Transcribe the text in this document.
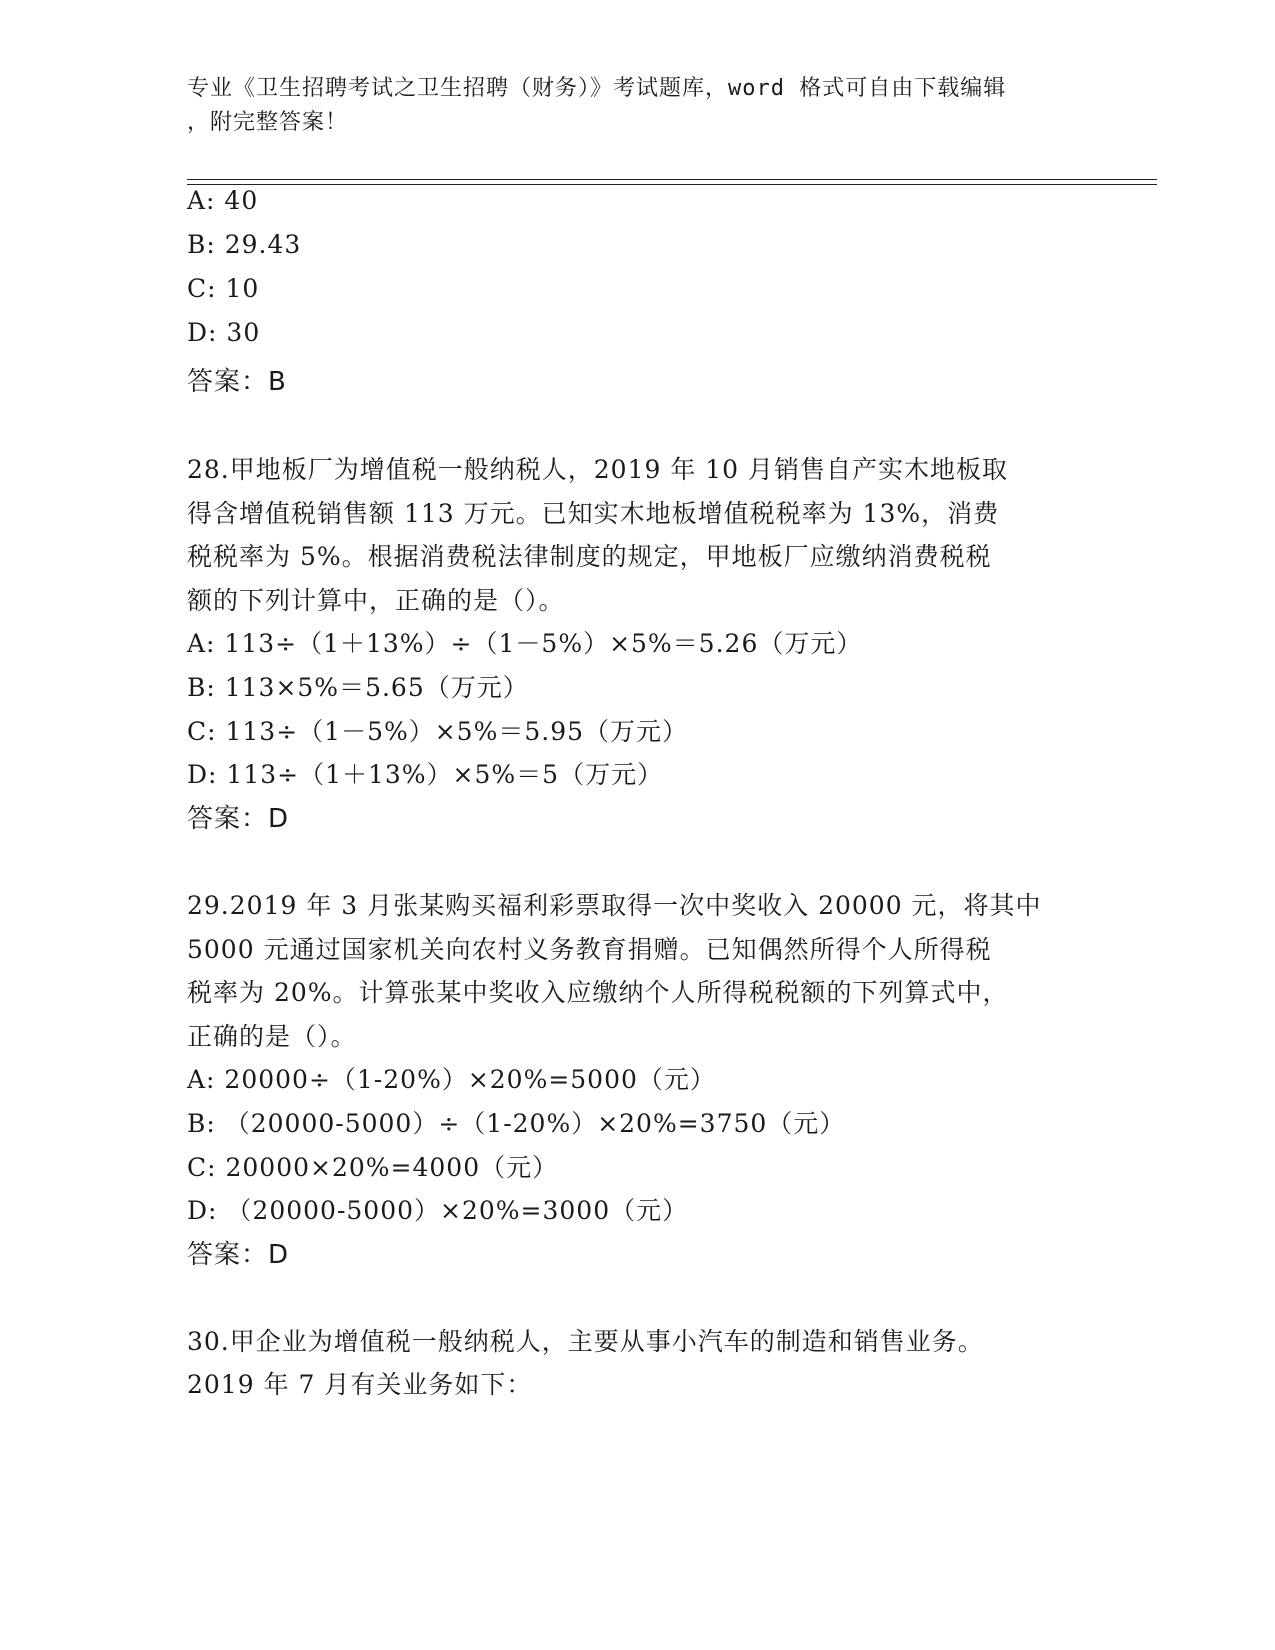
专业《卫生招聘考试之卫生招聘（财务）》考试题库，word 格式可自由下载编辑
，附完整答案！
A: 40
B: 29.43
C: 10
D: 30
答案：B
28.甲地板厂为增值税一般纳税人，2019 年 10 月销售自产实木地板取
得含增值税销售额 113 万元。已知实木地板增值税税率为 13%，消费
税税率为 5%。根据消费税法律制度的规定，甲地板厂应缴纳消费税税
额的下列计算中，正确的是（）。
A: 113÷（1＋13%）÷（1－5%）×5%＝5.26（万元）
B: 113×5%＝5.65（万元）
C: 113÷（1－5%）×5%＝5.95（万元）
D: 113÷（1＋13%）×5%＝5（万元）
答案：D
29.2019 年 3 月张某购买福利彩票取得一次中奖收入 20000 元，将其中
5000 元通过国家机关向农村义务教育捐赠。已知偶然所得个人所得税
税率为 20%。计算张某中奖收入应缴纳个人所得税税额的下列算式中，
正确的是（）。
A: 20000÷（1-20%）×20%=5000（元）
B: （20000-5000）÷（1-20%）×20%=3750（元）
C: 20000×20%=4000（元）
D: （20000-5000）×20%=3000（元）
答案：D
30.甲企业为增值税一般纳税人，主要从事小汽车的制造和销售业务。
2019 年 7 月有关业务如下：
